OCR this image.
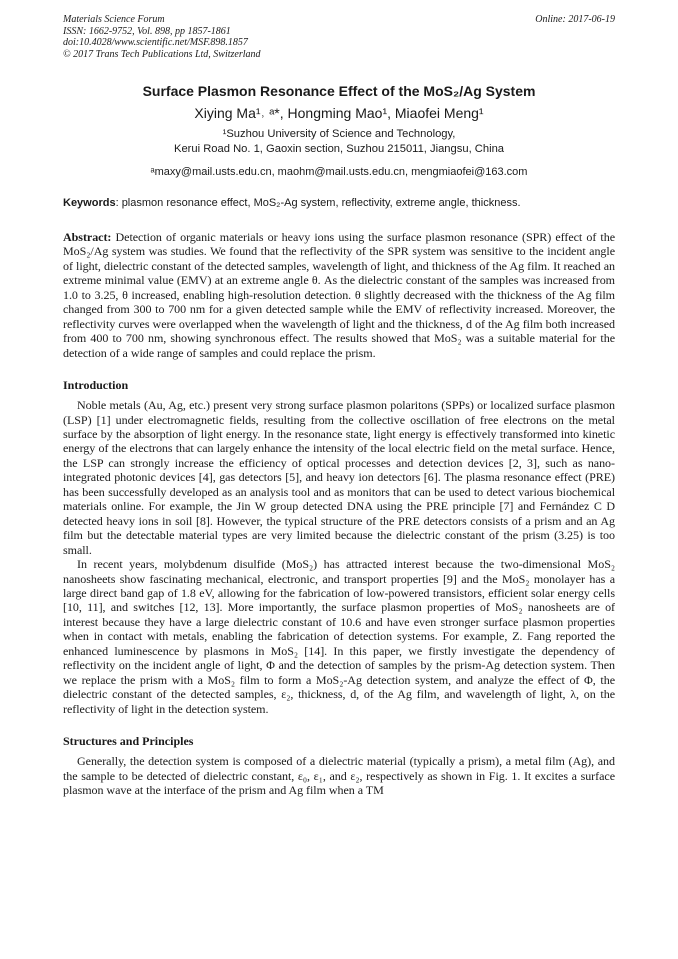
Materials Science Forum
ISSN: 1662-9752, Vol. 898, pp 1857-1861
doi:10.4028/www.scientific.net/MSF.898.1857
© 2017 Trans Tech Publications Ltd, Switzerland
Online: 2017-06-19
Surface Plasmon Resonance Effect of the MoS₂/Ag System
Xiying Ma¹˒ ᵃ*, Hongming Mao¹, Miaofei Meng¹
¹Suzhou University of Science and Technology,
Kerui Road No. 1, Gaoxin section, Suzhou 215011, Jiangsu, China
ᵃmaxy@mail.usts.edu.cn, maohm@mail.usts.edu.cn, mengmiaofei@163.com
Keywords: plasmon resonance effect, MoS₂-Ag system, reflectivity, extreme angle, thickness.

Abstract: Detection of organic materials or heavy ions using the surface plasmon resonance (SPR) effect of the MoS₂/Ag system was studies. We found that the reflectivity of the SPR system was sensitive to the incident angle of light, dielectric constant of the detected samples, wavelength of light, and thickness of the Ag film. It reached an extreme minimal value (EMV) at an extreme angle θ. As the dielectric constant of the samples was increased from 1.0 to 3.25, θ increased, enabling high-resolution detection. θ slightly decreased with the thickness of the Ag film changed from 300 to 700 nm for a given detected sample while the EMV of reflectivity increased. Moreover, the reflectivity curves were overlapped when the wavelength of light and the thickness, d of the Ag film both increased from 400 to 700 nm, showing synchronous effect. The results showed that MoS₂ was a suitable material for the detection of a wide range of samples and could replace the prism.

Introduction

Noble metals (Au, Ag, etc.) present very strong surface plasmon polaritons (SPPs) or localized surface plasmon (LSP) [1] under electromagnetic fields, resulting from the collective oscillation of free electrons on the metal surface by the absorption of light energy. In the resonance state, light energy is effectively transformed into kinetic energy of the electrons that can largely enhance the intensity of the local electric field on the metal surface. Hence, the LSP can strongly increase the efficiency of optical processes and detection devices [2, 3], such as nano-integrated photonic devices [4], gas detectors [5], and heavy ion detectors [6]. The plasma resonance effect (PRE) has been successfully developed as an analysis tool and as monitors that can be used to detect various biochemical materials online. For example, the Jin W group detected DNA using the PRE principle [7] and Fernández C D detected heavy ions in soil [8]. However, the typical structure of the PRE detectors consists of a prism and an Ag film but the detectable material types are very limited because the dielectric constant of the prism (3.25) is too small.

In recent years, molybdenum disulfide (MoS₂) has attracted interest because the two-dimensional MoS₂ nanosheets show fascinating mechanical, electronic, and transport properties [9] and the MoS₂ monolayer has a large direct band gap of 1.8 eV, allowing for the fabrication of low-powered transistors, efficient solar energy cells [10, 11], and switches [12, 13]. More importantly, the surface plasmon properties of MoS₂ nanosheets are of interest because they have a large dielectric constant of 10.6 and have even stronger surface plasmon properties when in contact with metals, enabling the fabrication of detection systems. For example, Z. Fang reported the enhanced luminescence by plasmons in MoS₂ [14]. In this paper, we firstly investigate the dependency of reflectivity on the incident angle of light, Φ and the detection of samples by the prism-Ag detection system. Then we replace the prism with a MoS₂ film to form a MoS₂-Ag detection system, and analyze the effect of Φ, the dielectric constant of the detected samples, ε₂, thickness, d, of the Ag film, and wavelength of light, λ, on the reflectivity of light in the detection system.

Structures and Principles

Generally, the detection system is composed of a dielectric material (typically a prism), a metal film (Ag), and the sample to be detected of dielectric constant, ε₀, ε₁, and ε₂, respectively as shown in Fig. 1. It excites a surface plasmon wave at the interface of the prism and Ag film when a TM
